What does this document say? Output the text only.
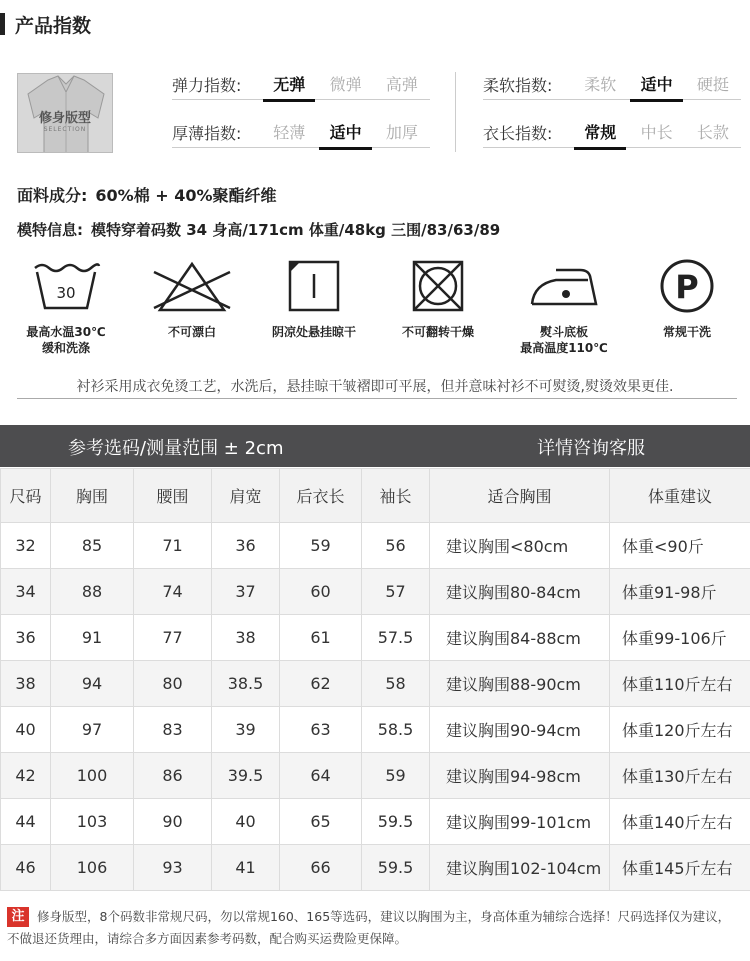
产品指数
修身版型
SELECTION
弹力指数:	无弹	微弹	高弹
厚薄指数:	轻薄	适中	加厚
柔软指数:	柔软	适中	硬挺
衣长指数:	常规	中长	长款
面料成分: 60%棉 + 40%聚酯纤维
模特信息: 模特穿着码数 34 身高/171cm 体重/48kg 三围/83/63/89
30
最高水温30℃
缓和洗涤
不可漂白	阴凉处悬挂晾干	不可翻转干燥	熨斗底板
最高温度110℃
P
常规干洗
衬衫采用成衣免烫工艺，水洗后，悬挂晾干皱褶即可平展，但并意味衬衫不可熨烫,熨烫效果更佳.
参考选码/测量范围 ± 2cm	详情咨询客服
尺码	胸围	腰围	肩宽	后衣长	袖长	适合胸围	体重建议
32	85	71	36	59	56	建议胸围<80cm	体重<90斤
34	88	74	37	60	57	建议胸围80-84cm	体重91-98斤
36	91	77	38	61	57.5	建议胸围84-88cm	体重99-106斤
38	94	80	38.5	62	58	建议胸围88-90cm	体重110斤左右
40	97	83	39	63	58.5	建议胸围90-94cm	体重120斤左右
42	100	86	39.5	64	59	建议胸围94-98cm	体重130斤左右
44	103	90	40	65	59.5	建议胸围99-101cm	体重140斤左右
46	106	93	41	66	59.5	建议胸围102-104cm	体重145斤左右
注 修身版型，8个码数非常规尺码，勿以常规160、165等选码，建议以胸围为主，身高体重为辅综合选择！尺码选择仅为建议，不做退还货理由，请综合多方面因素参考码数，配合购买运费险更保障。
